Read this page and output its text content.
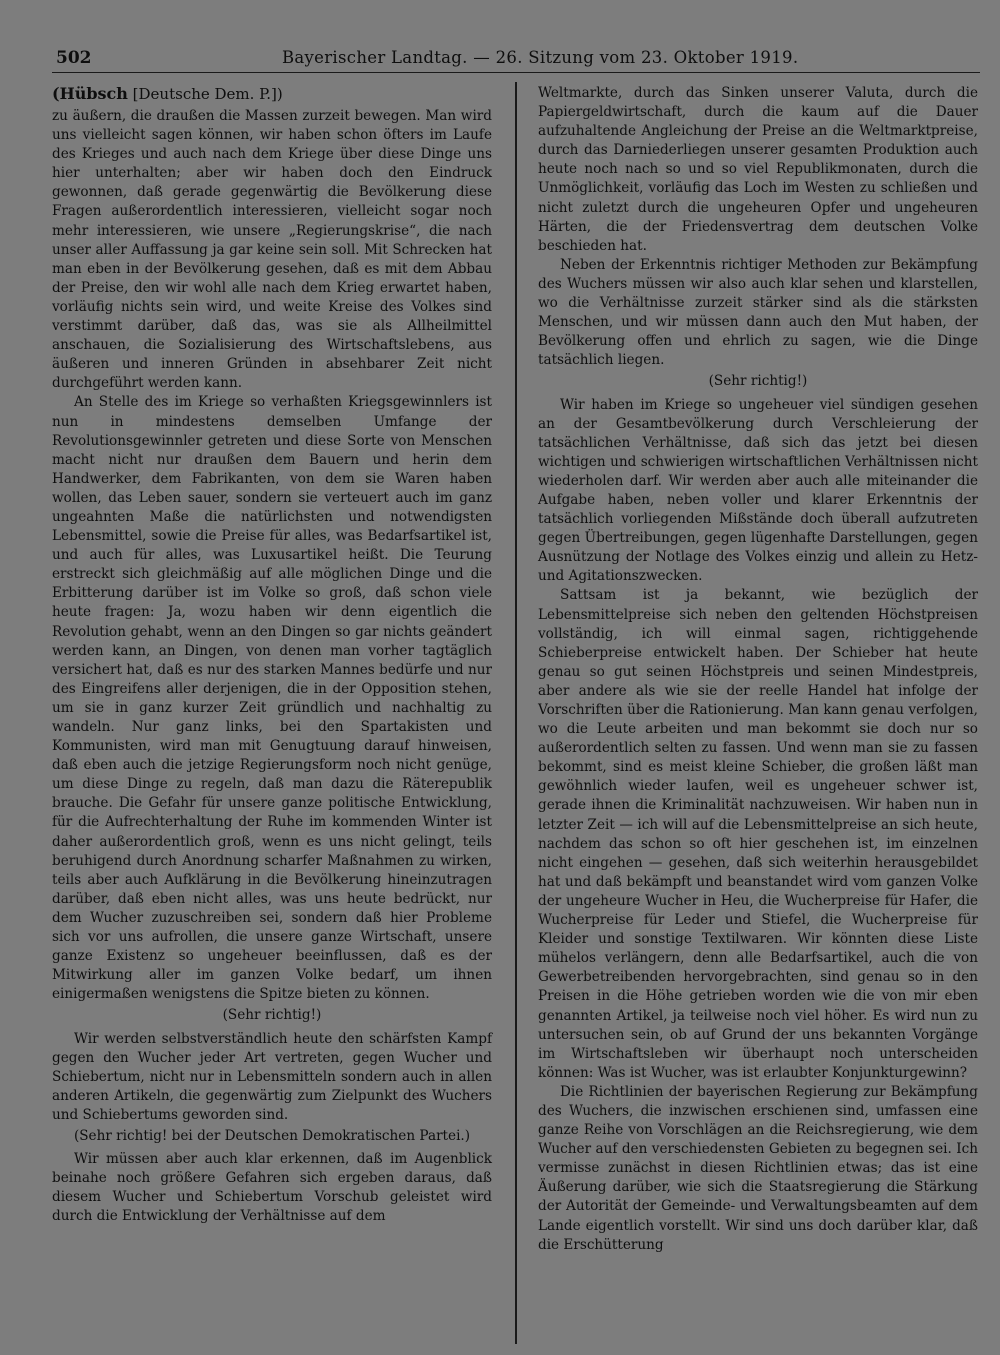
502	Bayerischer Landtag. — 26. Sitzung vom 23. Oktober 1919.
(Hübsch [Deutsche Dem. P.])

zu äußern, die draußen die Massen zurzeit bewegen. Man wird uns vielleicht sagen können, wir haben schon öfters im Laufe des Krieges und auch nach dem Kriege über diese Dinge uns hier unterhalten; aber wir haben doch den Eindruck gewonnen, daß gerade gegenwärtig die Bevölkerung diese Fragen außerordentlich interessieren, vielleicht sogar noch mehr interessieren, wie unsere „Regierungskrise“, die nach unser aller Auffassung ja gar keine sein soll. Mit Schrecken hat man eben in der Bevölkerung gesehen, daß es mit dem Abbau der Preise, den wir wohl alle nach dem Krieg erwartet haben, vorläufig nichts sein wird, und weite Kreise des Volkes sind verstimmt darüber, daß das, was sie als Allheilmittel anschauen, die Sozialisierung des Wirtschaftslebens, aus äußeren und inneren Gründen in absehbarer Zeit nicht durchgeführt werden kann.

An Stelle des im Kriege so verhaßten Kriegsgewinnlers ist nun in mindestens demselben Umfange der Revolutionsgewinnler getreten und diese Sorte von Menschen macht nicht nur draußen dem Bauern und herin dem Handwerker, dem Fabrikanten, von dem sie Waren haben wollen, das Leben sauer, sondern sie verteuert auch im ganz ungeahnten Maße die natürlichsten und notwendigsten Lebensmittel, sowie die Preise für alles, was Bedarfsartikel ist, und auch für alles, was Luxusartikel heißt. Die Teurung erstreckt sich gleichmäßig auf alle möglichen Dinge und die Erbitterung darüber ist im Volke so groß, daß schon viele heute fragen: Ja, wozu haben wir denn eigentlich die Revolution gehabt, wenn an den Dingen so gar nichts geändert werden kann, an Dingen, von denen man vorher tagtäglich versichert hat, daß es nur des starken Mannes bedürfe und nur des Eingreifens aller derjenigen, die in der Opposition stehen, um sie in ganz kurzer Zeit gründlich und nachhaltig zu wandeln. Nur ganz links, bei den Spartakisten und Kommunisten, wird man mit Genugtuung darauf hinweisen, daß eben auch die jetzige Regierungsform noch nicht genüge, um diese Dinge zu regeln, daß man dazu die Räterepublik brauche. Die Gefahr für unsere ganze politische Entwicklung, für die Aufrechterhaltung der Ruhe im kommenden Winter ist daher außerordentlich groß, wenn es uns nicht gelingt, teils beruhigend durch Anordnung scharfer Maßnahmen zu wirken, teils aber auch Aufklärung in die Bevölkerung hineinzutragen darüber, daß eben nicht alles, was uns heute bedrückt, nur dem Wucher zuzuschreiben sei, sondern daß hier Probleme sich vor uns aufrollen, die unsere ganze Wirtschaft, unsere ganze Existenz so ungeheuer beeinflussen, daß es der Mitwirkung aller im ganzen Volke bedarf, um ihnen einigermaßen wenigstens die Spitze bieten zu können.

(Sehr richtig!)

Wir werden selbstverständlich heute den schärfsten Kampf gegen den Wucher jeder Art vertreten, gegen Wucher und Schiebertum, nicht nur in Lebensmitteln sondern auch in allen anderen Artikeln, die gegenwärtig zum Zielpunkt des Wuchers und Schiebertums geworden sind.

(Sehr richtig! bei der Deutschen Demokratischen Partei.)

Wir müssen aber auch klar erkennen, daß im Augenblick beinahe noch größere Gefahren sich ergeben daraus, daß diesem Wucher und Schiebertum Vorschub geleistet wird durch die Entwicklung der Verhältnisse auf dem

Weltmarkte, durch das Sinken unserer Valuta, durch die Papiergeldwirtschaft, durch die kaum auf die Dauer aufzuhaltende Angleichung der Preise an die Weltmarktpreise, durch das Darniederliegen unserer gesamten Produktion auch heute noch nach so und so viel Republikmonaten, durch die Unmöglichkeit, vorläufig das Loch im Westen zu schließen und nicht zuletzt durch die ungeheuren Opfer und ungeheuren Härten, die der Friedensvertrag dem deutschen Volke beschieden hat.

Neben der Erkenntnis richtiger Methoden zur Bekämpfung des Wuchers müssen wir also auch klar sehen und klarstellen, wo die Verhältnisse zurzeit stärker sind als die stärksten Menschen, und wir müssen dann auch den Mut haben, der Bevölkerung offen und ehrlich zu sagen, wie die Dinge tatsächlich liegen.

(Sehr richtig!)

Wir haben im Kriege so ungeheuer viel sündigen gesehen an der Gesamtbevölkerung durch Verschleierung der tatsächlichen Verhältnisse, daß sich das jetzt bei diesen wichtigen und schwierigen wirtschaftlichen Verhältnissen nicht wiederholen darf. Wir werden aber auch alle miteinander die Aufgabe haben, neben voller und klarer Erkenntnis der tatsächlich vorliegenden Mißstände doch überall aufzutreten gegen Übertreibungen, gegen lügenhafte Darstellungen, gegen Ausnützung der Notlage des Volkes einzig und allein zu Hetz- und Agitationszwecken.

Sattsam ist ja bekannt, wie bezüglich der Lebensmittelpreise sich neben den geltenden Höchstpreisen vollständig, ich will einmal sagen, richtiggehende Schieberpreise entwickelt haben. Der Schieber hat heute genau so gut seinen Höchstpreis und seinen Mindestpreis, aber andere als wie sie der reelle Handel hat infolge der Vorschriften über die Rationierung. Man kann genau verfolgen, wo die Leute arbeiten und man bekommt sie doch nur so außerordentlich selten zu fassen. Und wenn man sie zu fassen bekommt, sind es meist kleine Schieber, die großen läßt man gewöhnlich wieder laufen, weil es ungeheuer schwer ist, gerade ihnen die Kriminalität nachzuweisen. Wir haben nun in letzter Zeit — ich will auf die Lebensmittelpreise an sich heute, nachdem das schon so oft hier geschehen ist, im einzelnen nicht eingehen — gesehen, daß sich weiterhin herausgebildet hat und daß bekämpft und beanstandet wird vom ganzen Volke der ungeheure Wucher in Heu, die Wucherpreise für Hafer, die Wucherpreise für Leder und Stiefel, die Wucherpreise für Kleider und sonstige Textilwaren. Wir könnten diese Liste mühelos verlängern, denn alle Bedarfsartikel, auch die von Gewerbetreibenden hervorgebrachten, sind genau so in den Preisen in die Höhe getrieben worden wie die von mir eben genannten Artikel, ja teilweise noch viel höher. Es wird nun zu untersuchen sein, ob auf Grund der uns bekannten Vorgänge im Wirtschaftsleben wir überhaupt noch unterscheiden können: Was ist Wucher, was ist erlaubter Konjunkturgewinn?

Die Richtlinien der bayerischen Regierung zur Bekämpfung des Wuchers, die inzwischen erschienen sind, umfassen eine ganze Reihe von Vorschlägen an die Reichsregierung, wie dem Wucher auf den verschiedensten Gebieten zu begegnen sei. Ich vermisse zunächst in diesen Richtlinien etwas; das ist eine Äußerung darüber, wie sich die Staatsregierung die Stärkung der Autorität der Gemeinde- und Verwaltungsbeamten auf dem Lande eigentlich vorstellt. Wir sind uns doch darüber klar, daß die Erschütterung
